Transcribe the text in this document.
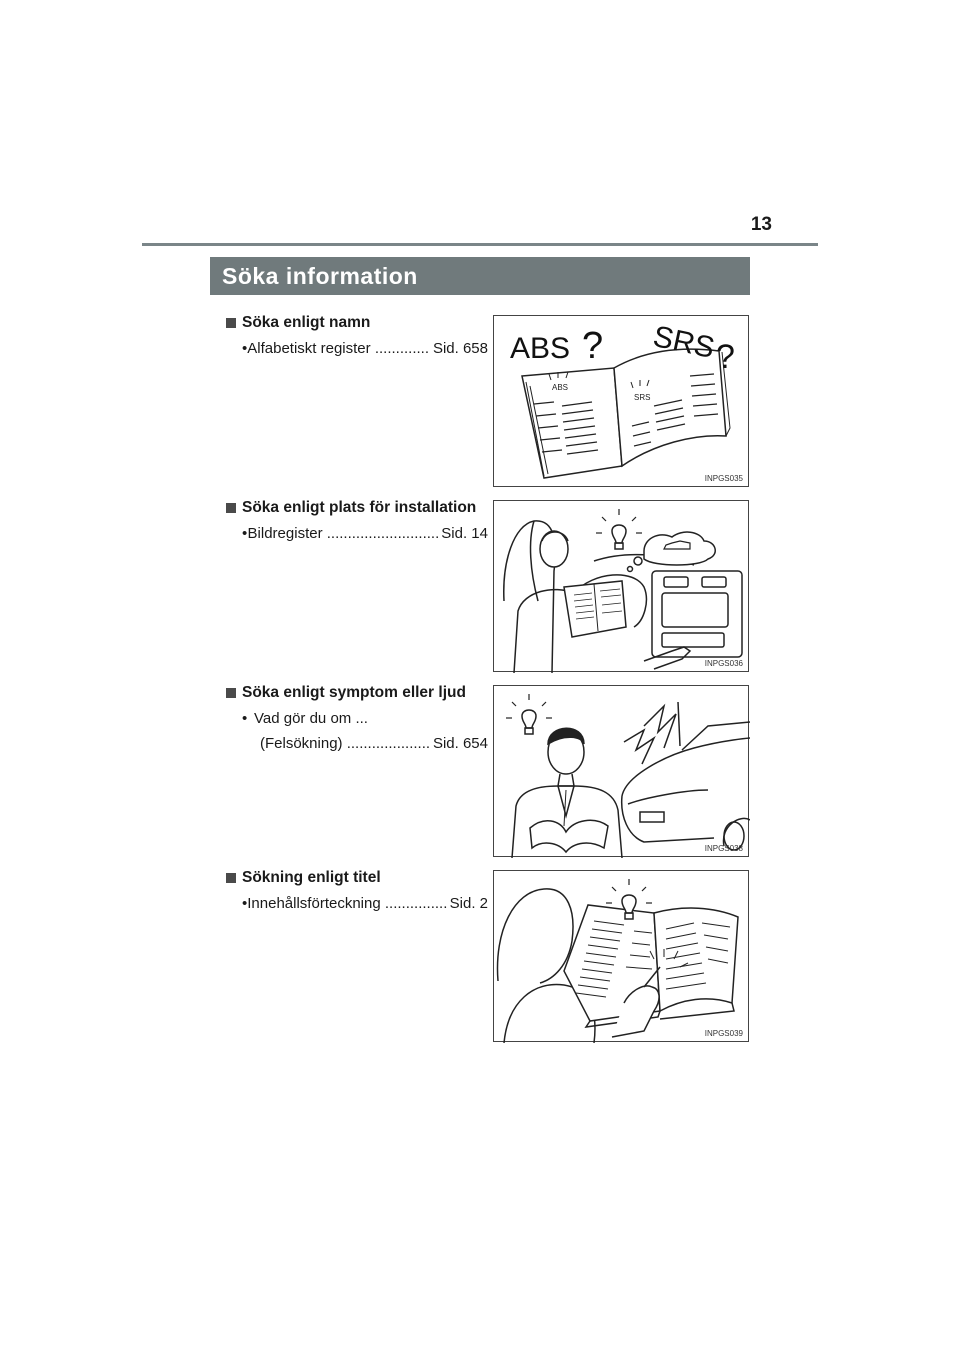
13
Söka information
Söka enligt namn
• Alfabetiskt register .....	Sid. 658 ABS ? SRS
?
ABS
SRS
INPGS035
Söka enligt plats för installation
• Bildregister .....	Sid. 14
INPGS036
Söka enligt symptom eller ljud
• Vad gör du om ...
(Felsökning) .....	Sid. 654
INPGS038
Sökning enligt titel
• Innehållsförteckning .....	Sid. 2
INPGS039
